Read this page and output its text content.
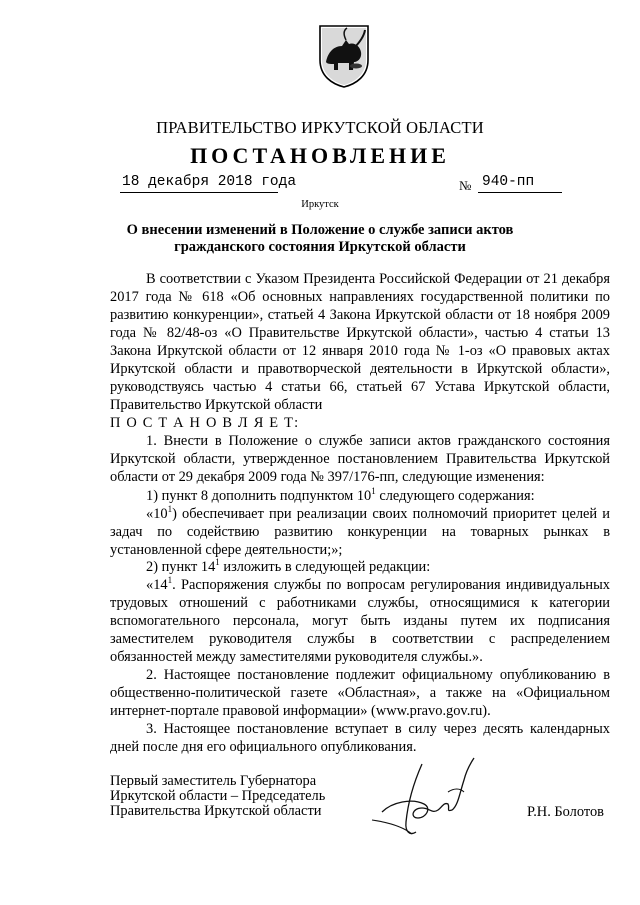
ПРАВИТЕЛЬСТВО ИРКУТСКОЙ ОБЛАСТИ
ПОСТАНОВЛЕНИЕ
18 декабря 2018 года	№ 940-пп
Иркутск
О внесении изменений в Положение о службе записи актов
гражданского состояния Иркутской области

В соответствии с Указом Президента Российской Федерации от 21 декабря 2017 года № 618 «Об основных направлениях государственной политики по развитию конкуренции», статьей 4 Закона Иркутской области от 18 ноября 2009 года № 82/48-оз «О Правительстве Иркутской области», частью 4 статьи 13 Закона Иркутской области от 12 января 2010 года № 1-оз «О правовых актах Иркутской области и правотворческой деятельности в Иркутской области», руководствуясь частью 4 статьи 66, статьей 67 Устава Иркутской области, Правительство Иркутской области

П О С Т А Н О В Л Я Е Т:

1. Внести в Положение о службе записи актов гражданского состояния Иркутской области, утвержденное постановлением Правительства Иркутской области от 29 декабря 2009 года № 397/176-пп, следующие изменения:

1) пункт 8 дополнить подпунктом $10^1$ следующего содержания:

«$10^1$) обеспечивает при реализации своих полномочий приоритет целей и задач по содействию развитию конкуренции на товарных рынках в установленной сфере деятельности;»;

2) пункт $14^1$ изложить в следующей редакции:

«$14^1$. Распоряжения службы по вопросам регулирования индивидуальных трудовых отношений с работниками службы, относящимися к категории вспомогательного персонала, могут быть изданы путем их подписания заместителем руководителя службы в соответствии с распределением обязанностей между заместителями руководителя службы.».

2. Настоящее постановление подлежит официальному опубликованию в общественно-политической газете «Областная», а также на «Официальном интернет-портале правовой информации» (www.pravo.gov.ru).

3. Настоящее постановление вступает в силу через десять календарных дней после дня его официального опубликования.

Первый заместитель Губернатора
Иркутской области – Председатель
Правительства Иркутской области	Р.Н. Болотов
